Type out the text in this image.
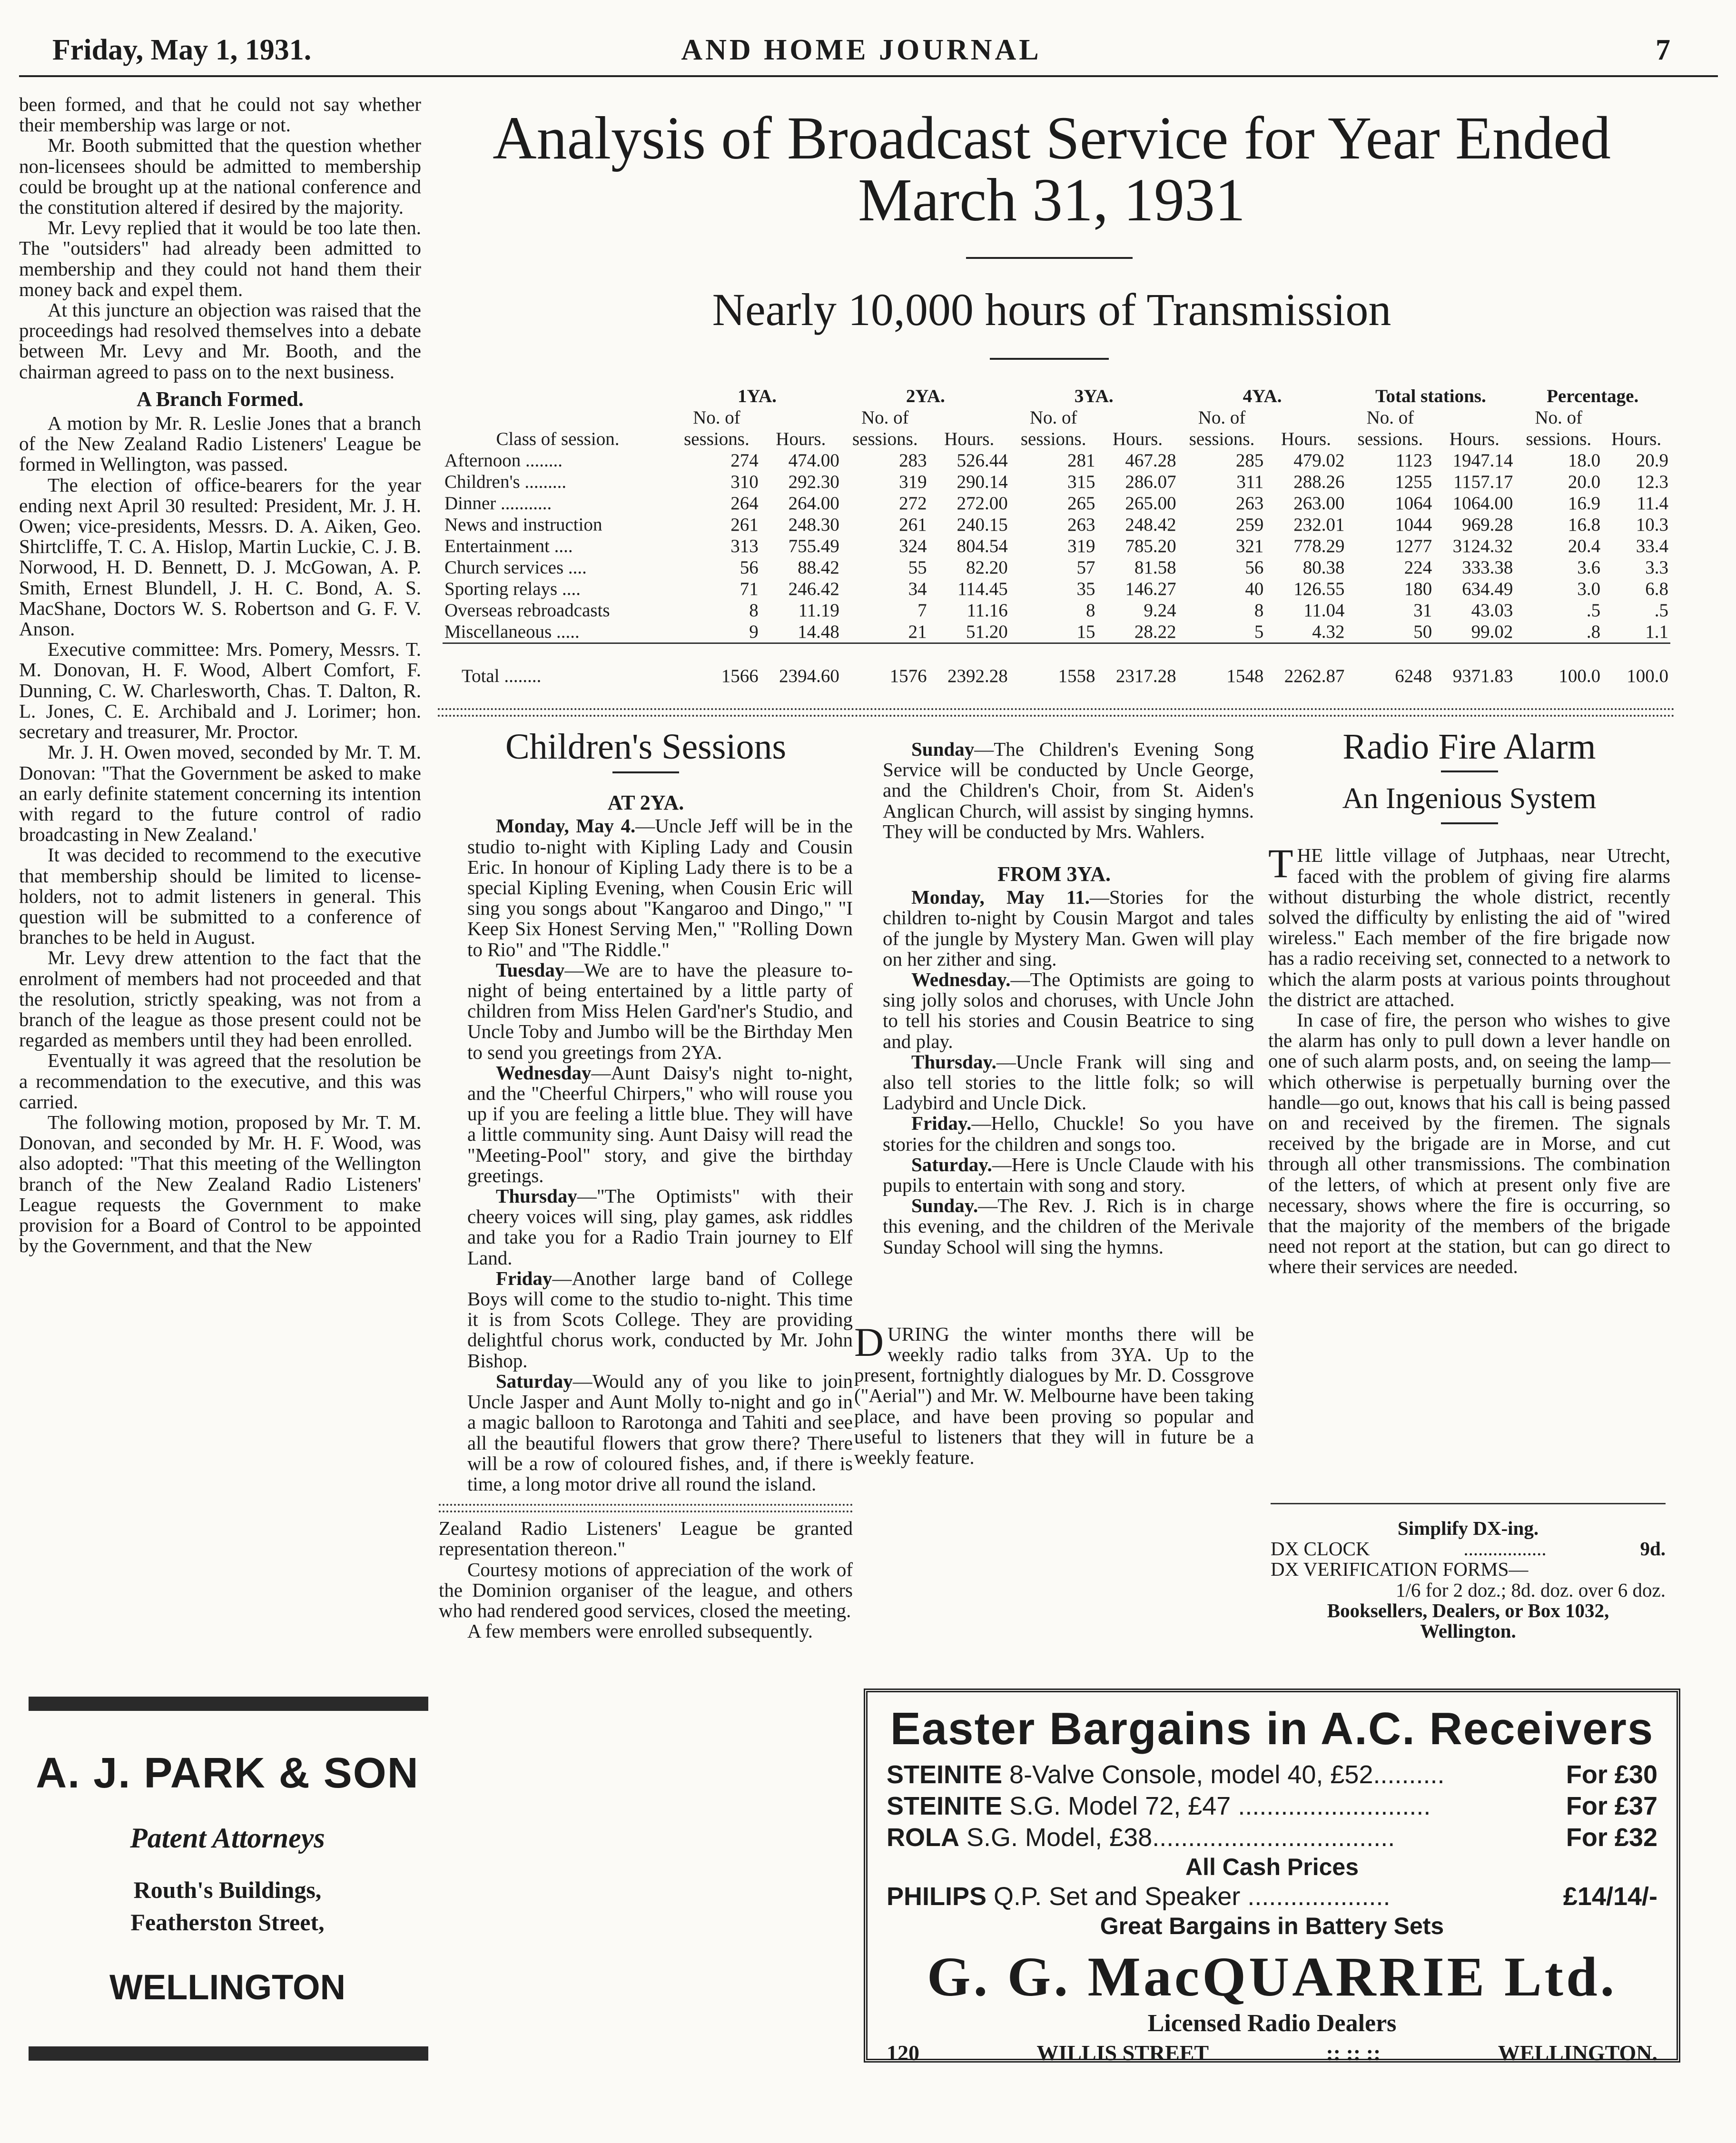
Friday, May 1, 1931.	AND HOME JOURNAL	7

been formed, and that he could not say whether their membership was large or not.

Mr. Booth submitted that the question whether non-licensees should be admitted to membership could be brought up at the national conference and the constitution altered if desired by the majority.

Mr. Levy replied that it would be too late then. The "outsiders" had already been admitted to membership and they could not hand them their money back and expel them.

At this juncture an objection was raised that the proceedings had resolved themselves into a debate between Mr. Levy and Mr. Booth, and the chairman agreed to pass on to the next business.

A Branch Formed.

A motion by Mr. R. Leslie Jones that a branch of the New Zealand Radio Listeners' League be formed in Wellington, was passed.

The election of office-bearers for the year ending next April 30 resulted: President, Mr. J. H. Owen; vice-presidents, Messrs. D. A. Aiken, Geo. Shirtcliffe, T. C. A. Hislop, Martin Luckie, C. J. B. Norwood, H. D. Bennett, D. J. McGowan, A. P. Smith, Ernest Blundell, J. H. C. Bond, A. S. MacShane, Doctors W. S. Robertson and G. F. V. Anson.

Executive committee: Mrs. Pomery, Messrs. T. M. Donovan, H. F. Wood, Albert Comfort, F. Dunning, C. W. Charlesworth, Chas. T. Dalton, R. L. Jones, C. E. Archibald and J. Lorimer; hon. secretary and treasurer, Mr. Proctor.

Mr. J. H. Owen moved, seconded by Mr. T. M. Donovan: "That the Government be asked to make an early definite statement concerning its intention with regard to the future control of radio broadcasting in New Zealand.'

It was decided to recommend to the executive that membership should be limited to license-holders, not to admit listeners in general. This question will be submitted to a conference of branches to be held in August.

Mr. Levy drew attention to the fact that the enrolment of members had not proceeded and that the resolution, strictly speaking, was not from a branch of the league as those present could not be regarded as members until they had been enrolled.

Eventually it was agreed that the resolution be a recommendation to the executive, and this was carried.

The following motion, proposed by Mr. T. M. Donovan, and seconded by Mr. H. F. Wood, was also adopted: "That this meeting of the Wellington branch of the New Zealand Radio Listeners' League requests the Government to make provision for a Board of Control to be appointed by the Government, and that the New

Analysis of Broadcast Service for Year Ended March 31, 1931
Nearly 10,000 hours of Transmission
	1YA.		2YA.		3YA.		4YA.		Total stations.		Percentage.	
	No. of		No. of		No. of		No. of		No. of		No. of	
Class of session.	sessions.	Hours.	sessions.	Hours.	sessions.	Hours.	sessions.	Hours.	sessions.	Hours.	sessions.	Hours.
Afternoon ........	274	474.00	283	526.44	281	467.28	285	479.02	1123	1947.14	18.0	20.9
Children's .........	310	292.30	319	290.14	315	286.07	311	288.26	1255	1157.17	20.0	12.3
Dinner ...........	264	264.00	272	272.00	265	265.00	263	263.00	1064	1064.00	16.9	11.4
News and instruction	261	248.30	261	240.15	263	248.42	259	232.01	1044	969.28	16.8	10.3
Entertainment ....	313	755.49	324	804.54	319	785.20	321	778.29	1277	3124.32	20.4	33.4
Church services ....	56	88.42	55	82.20	57	81.58	56	80.38	224	333.38	3.6	3.3
Sporting relays ....	71	246.42	34	114.45	35	146.27	40	126.55	180	634.49	3.0	6.8
Overseas rebroadcasts	8	11.19	7	11.16	8	9.24	8	11.04	31	43.03	.5	.5
Miscellaneous .....	9	14.48	21	51.20	15	28.22	5	4.32	50	99.02	.8	1.1
Total ........	1566	2394.60	1576	2392.28	1558	2317.28	1548	2262.87	6248	9371.83	100.0	100.0
Children's Sessions
AT 2YA.

Monday, May 4.—Uncle Jeff will be in the studio to-night with Kipling Lady and Cousin Eric. In honour of Kipling Lady there is to be a special Kipling Evening, when Cousin Eric will sing you songs about "Kangaroo and Dingo," "I Keep Six Honest Serving Men," "Rolling Down to Rio" and "The Riddle."

Tuesday—We are to have the pleasure to-night of being entertained by a little party of children from Miss Helen Gard'ner's Studio, and Uncle Toby and Jumbo will be the Birthday Men to send you greetings from 2YA.

Wednesday—Aunt Daisy's night to-night, and the "Cheerful Chirpers," who will rouse you up if you are feeling a little blue. They will have a little community sing. Aunt Daisy will read the "Meeting-Pool" story, and give the birthday greetings.

Thursday—"The Optimists" with their cheery voices will sing, play games, ask riddles and take you for a Radio Train journey to Elf Land.

Friday—Another large band of College Boys will come to the studio to-night. This time it is from Scots College. They are providing delightful chorus work, conducted by Mr. John Bishop.

Saturday—Would any of you like to join Uncle Jasper and Aunt Molly to-night and go in a magic balloon to Rarotonga and Tahiti and see all the beautiful flowers that grow there? There will be a row of coloured fishes, and, if there is time, a long motor drive all round the island.

Zealand Radio Listeners' League be granted representation thereon."

Courtesy motions of appreciation of the work of the Dominion organiser of the league, and others who had rendered good services, closed the meeting.

A few members were enrolled subsequently.

Sunday—The Children's Evening Song Service will be conducted by Uncle George, and the Children's Choir, from St. Aiden's Anglican Church, will assist by singing hymns. They will be conducted by Mrs. Wahlers.

FROM 3YA.

Monday, May 11.—Stories for the children to-night by Cousin Margot and tales of the jungle by Mystery Man. Gwen will play on her zither and sing.

Wednesday.—The Optimists are going to sing jolly solos and choruses, with Uncle John to tell his stories and Cousin Beatrice to sing and play.

Thursday.—Uncle Frank will sing and also tell stories to the little folk; so will Ladybird and Uncle Dick.

Friday.—Hello, Chuckle! So you have stories for the children and songs too.

Saturday.—Here is Uncle Claude with his pupils to entertain with song and story.

Sunday.—The Rev. J. Rich is in charge this evening, and the children of the Merivale Sunday School will sing the hymns.

DURING the winter months there will be weekly radio talks from 3YA. Up to the present, fortnightly dialogues by Mr. D. Cossgrove ("Aerial") and Mr. W. Melbourne have been taking place, and have been proving so popular and useful to listeners that they will in future be a weekly feature.

Radio Fire Alarm
An Ingenious System

THE little village of Jutphaas, near Utrecht, faced with the problem of giving fire alarms without disturbing the whole district, recently solved the difficulty by enlisting the aid of "wired wireless." Each member of the fire brigade now has a radio receiving set, connected to a network to which the alarm posts at various points throughout the district are attached.

In case of fire, the person who wishes to give the alarm has only to pull down a lever handle on one of such alarm posts, and, on seeing the lamp—which otherwise is perpetually burning over the handle—go out, knows that his call is being passed on and received by the firemen. The signals received by the brigade are in Morse, and cut through all other transmissions. The combination of the letters, of which at present only five are necessary, shows where the fire is occurring, so that the majority of the members of the brigade need not report at the station, but can go direct to where their services are needed.

Simplify DX-ing.
DX CLOCK	.................	9d.
DX VERIFICATION FORMS—
1/6 for 2 doz.; 8d. doz. over 6 doz.
Booksellers, Dealers, or Box 1032,
Wellington.
A. J. PARK & SON
Patent Attorneys
Routh's Buildings,
Featherston Street,
WELLINGTON
Easter Bargains in A.C. Receivers
STEINITE 8-Valve Console, model 40, £52..........	For £30
STEINITE S.G. Model 72, £47 ...........................	For £37
ROLA S.G. Model, £38..................................	For £32
All Cash Prices
PHILIPS Q.P. Set and Speaker ....................	£14/14/-
Great Bargains in Battery Sets
G. G. MacQUARRIE Ltd.
Licensed Radio Dealers
120	WILLIS STREET	:: :: ::	WELLINGTON.
